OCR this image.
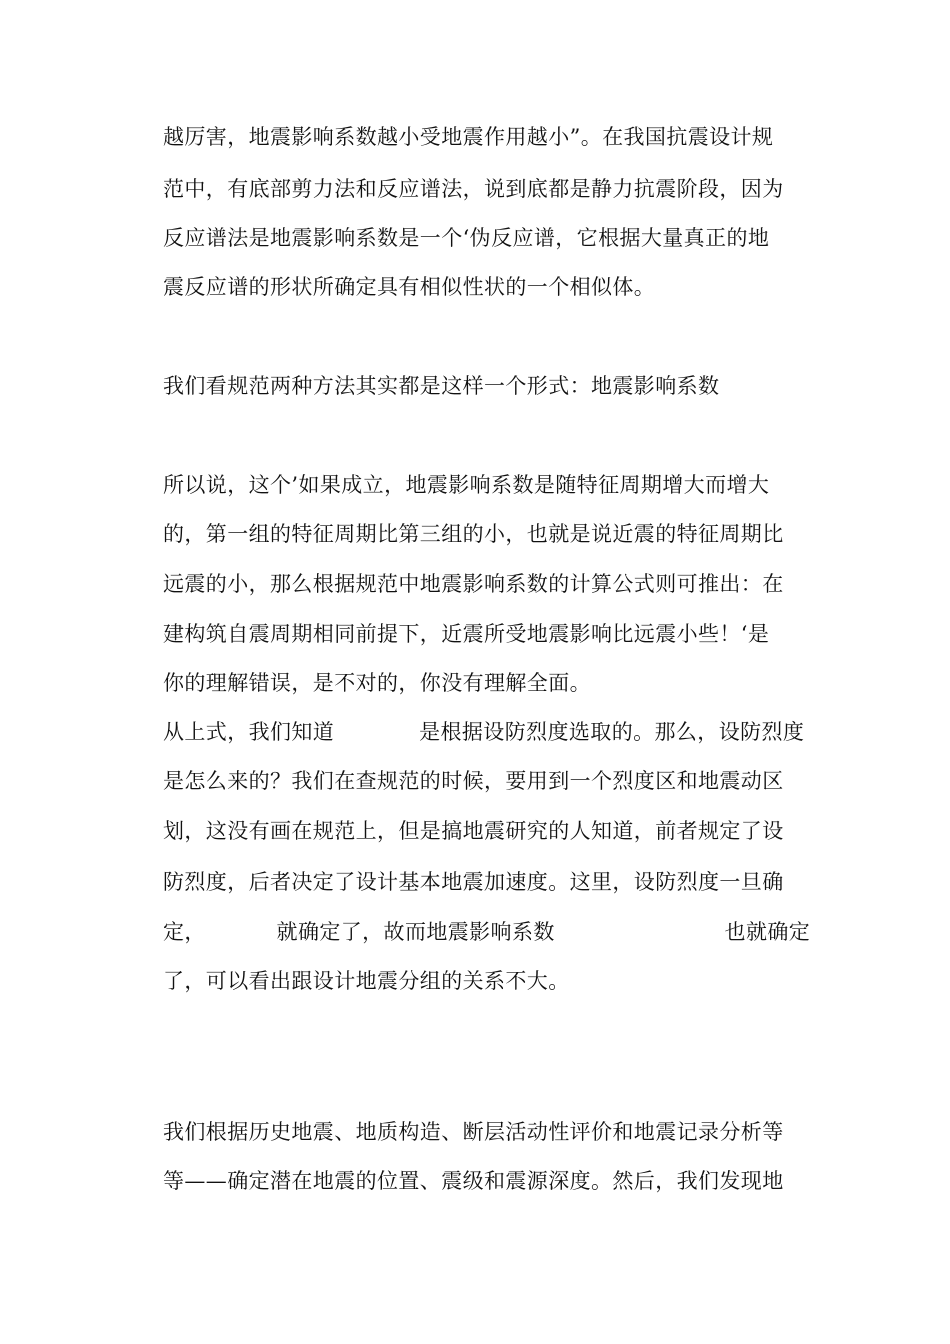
越厉害，地震影响系数越小受地震作用越小”。在我国抗震设计规
范中，有底部剪力法和反应谱法，说到底都是静力抗震阶段，因为
反应谱法是地震影响系数是一个‘伪反应谱，它根据大量真正的地
震反应谱的形状所确定具有相似性状的一个相似体。
我们看规范两种方法其实都是这样一个形式：地震影响系数
所以说，这个’如果成立，地震影响系数是随特征周期增大而增大
的，第一组的特征周期比第三组的小，也就是说近震的特征周期比
远震的小，那么根据规范中地震影响系数的计算公式则可推出：在
建构筑自震周期相同前提下，近震所受地震影响比远震小些！‘是
你的理解错误，是不对的，你没有理解全面。
从上式，我们知道            是根据设防烈度选取的。那么，设防烈度
是怎么来的？我们在查规范的时候，要用到一个烈度区和地震动区
划，这没有画在规范上，但是搞地震研究的人知道，前者规定了设
防烈度，后者决定了设计基本地震加速度。这里，设防烈度一旦确
定，          就确定了，故而地震影响系数                        也就确定
了，可以看出跟设计地震分组的关系不大。
我们根据历史地震、地质构造、断层活动性评价和地震记录分析等
等——确定潜在地震的位置、震级和震源深度。然后，我们发现地
